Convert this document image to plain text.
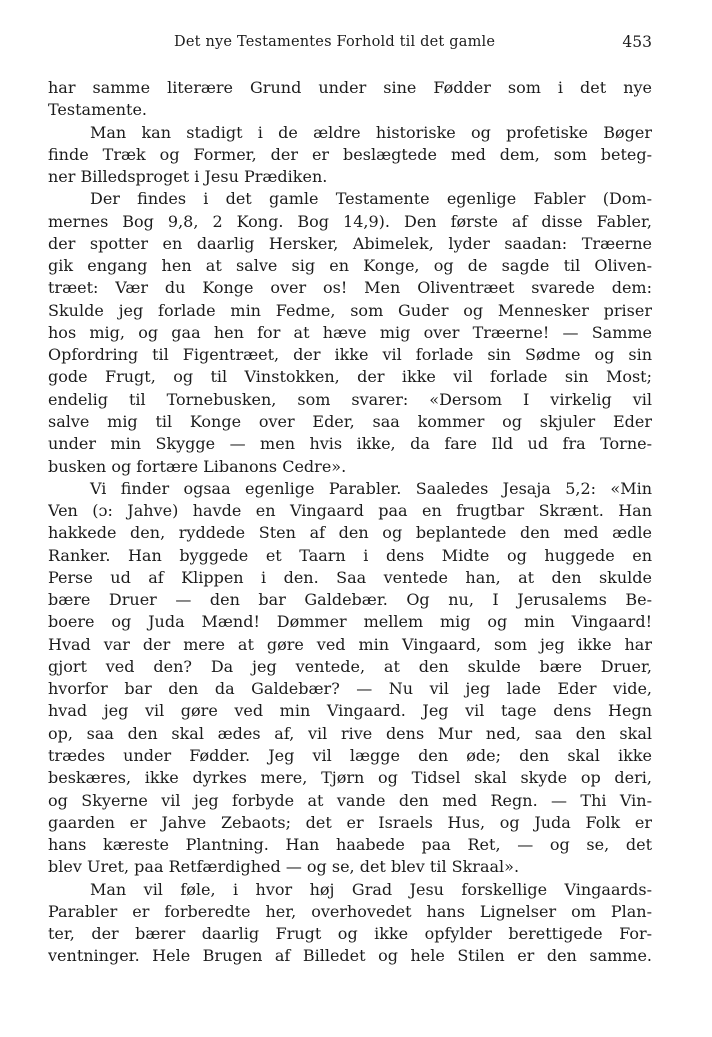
Det nye Testamentes Forhold til det gamle	453
har samme literære Grund under sine Fødder som i det nye
Testamente.
Man kan stadigt i de ældre historiske og profetiske Bøger
finde Træk og Former, der er beslægtede med dem, som beteg-
ner Billedsproget i Jesu Prædiken.
Der findes i det gamle Testamente egenlige Fabler (Dom-
mernes Bog 9,8, 2 Kong. Bog 14,9). Den første af disse Fabler,
der spotter en daarlig Hersker, Abimelek, lyder saadan: Træerne
gik engang hen at salve sig en Konge, og de sagde til Oliven-
træet: Vær du Konge over os! Men Oliventræet svarede dem:
Skulde jeg forlade min Fedme, som Guder og Mennesker priser
hos mig, og gaa hen for at hæve mig over Træerne! — Samme
Opfordring til Figentræet, der ikke vil forlade sin Sødme og sin
gode Frugt, og til Vinstokken, der ikke vil forlade sin Most;
endelig til Tornebusken, som svarer: «Dersom I virkelig vil
salve mig til Konge over Eder, saa kommer og skjuler Eder
under min Skygge — men hvis ikke, da fare Ild ud fra Torne-
busken og fortære Libanons Cedre».
Vi finder ogsaa egenlige Parabler. Saaledes Jesaja 5,2: «Min
Ven (ɔ: Jahve) havde en Vingaard paa en frugtbar Skrænt. Han
hakkede den, ryddede Sten af den og beplantede den med ædle
Ranker. Han byggede et Taarn i dens Midte og huggede en
Perse ud af Klippen i den. Saa ventede han, at den skulde
bære Druer — den bar Galdebær. Og nu, I Jerusalems Be-
boere og Juda Mænd! Dømmer mellem mig og min Vingaard!
Hvad var der mere at gøre ved min Vingaard, som jeg ikke har
gjort ved den? Da jeg ventede, at den skulde bære Druer,
hvorfor bar den da Galdebær? — Nu vil jeg lade Eder vide,
hvad jeg vil gøre ved min Vingaard. Jeg vil tage dens Hegn
op, saa den skal ædes af, vil rive dens Mur ned, saa den skal
trædes under Fødder. Jeg vil lægge den øde; den skal ikke
beskæres, ikke dyrkes mere, Tjørn og Tidsel skal skyde op deri,
og Skyerne vil jeg forbyde at vande den med Regn. — Thi Vin-
gaarden er Jahve Zebaots; det er Israels Hus, og Juda Folk er
hans kæreste Plantning. Han haabede paa Ret, — og se, det
blev Uret, paa Retfærdighed — og se, det blev til Skraal».
Man vil føle, i hvor høj Grad Jesu forskellige Vingaards-
Parabler er forberedte her, overhovedet hans Lignelser om Plan-
ter, der bærer daarlig Frugt og ikke opfylder berettigede For-
ventninger. Hele Brugen af Billedet og hele Stilen er den samme.
